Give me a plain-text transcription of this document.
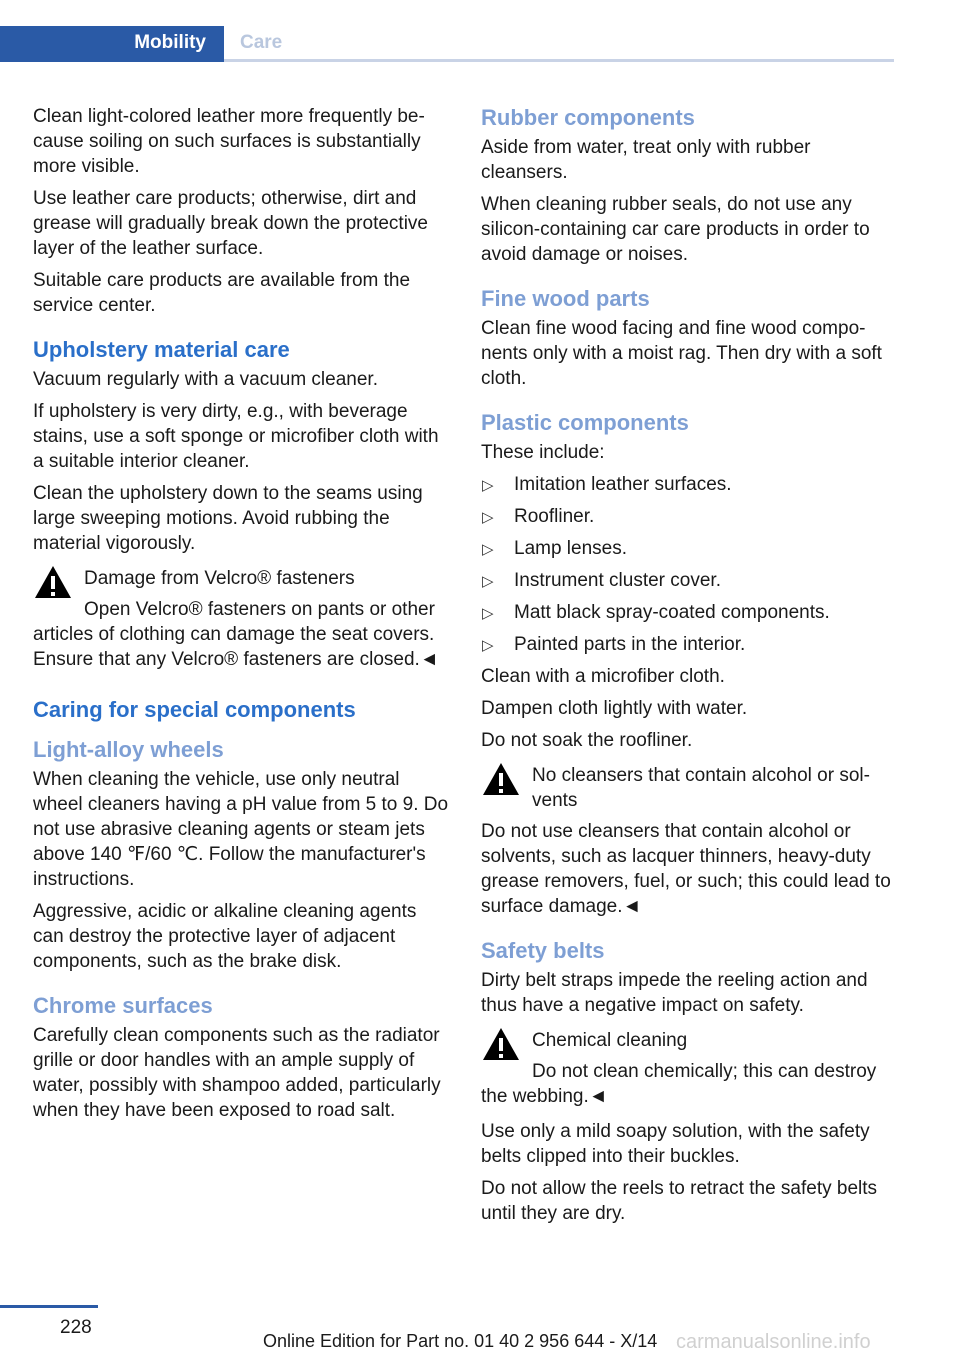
Mobility Care

Clean light-colored leather more frequently because soiling on such surfaces is substantially more visible.

Use leather care products; otherwise, dirt and grease will gradually break down the protective layer of the leather surface.

Suitable care products are available from the service center.

Upholstery material care

Vacuum regularly with a vacuum cleaner.

If upholstery is very dirty, e.g., with beverage stains, use a soft sponge or microfiber cloth with a suitable interior cleaner.

Clean the upholstery down to the seams using large sweeping motions. Avoid rubbing the material vigorously.

Damage from Velcro® fasteners

Open Velcro® fasteners on pants or other articles of clothing can damage the seat covers. Ensure that any Velcro® fasteners are closed.◄

Caring for special components
Light-alloy wheels

When cleaning the vehicle, use only neutral wheel cleaners having a pH value from 5 to 9. Do not use abrasive cleaning agents or steam jets above 140 ℉/60 ℃. Follow the manufacturer's instructions.

Aggressive, acidic or alkaline cleaning agents can destroy the protective layer of adjacent components, such as the brake disk.

Chrome surfaces

Carefully clean components such as the radiator grille or door handles with an ample supply of water, possibly with shampoo added, particularly when they have been exposed to road salt.

Rubber components

Aside from water, treat only with rubber cleansers.

When cleaning rubber seals, do not use any silicon-containing car care products in order to avoid damage or noises.

Fine wood parts

Clean fine wood facing and fine wood components only with a moist rag. Then dry with a soft cloth.

Plastic components

These include:

▷ Imitation leather surfaces.
▷ Roofliner.
▷ Lamp lenses.
▷ Instrument cluster cover.
▷ Matt black spray-coated components.
▷ Painted parts in the interior.

Clean with a microfiber cloth.

Dampen cloth lightly with water.

Do not soak the roofliner.

No cleansers that contain alcohol or solvents

Do not use cleansers that contain alcohol or solvents, such as lacquer thinners, heavy-duty grease removers, fuel, or such; this could lead to surface damage.◄

Safety belts

Dirty belt straps impede the reeling action and thus have a negative impact on safety.

Chemical cleaning

Do not clean chemically; this can destroy the webbing.◄

Use only a mild soapy solution, with the safety belts clipped into their buckles.

Do not allow the reels to retract the safety belts until they are dry.

228
Online Edition for Part no. 01 40 2 956 644 - X/14 carmanualsonline.info
